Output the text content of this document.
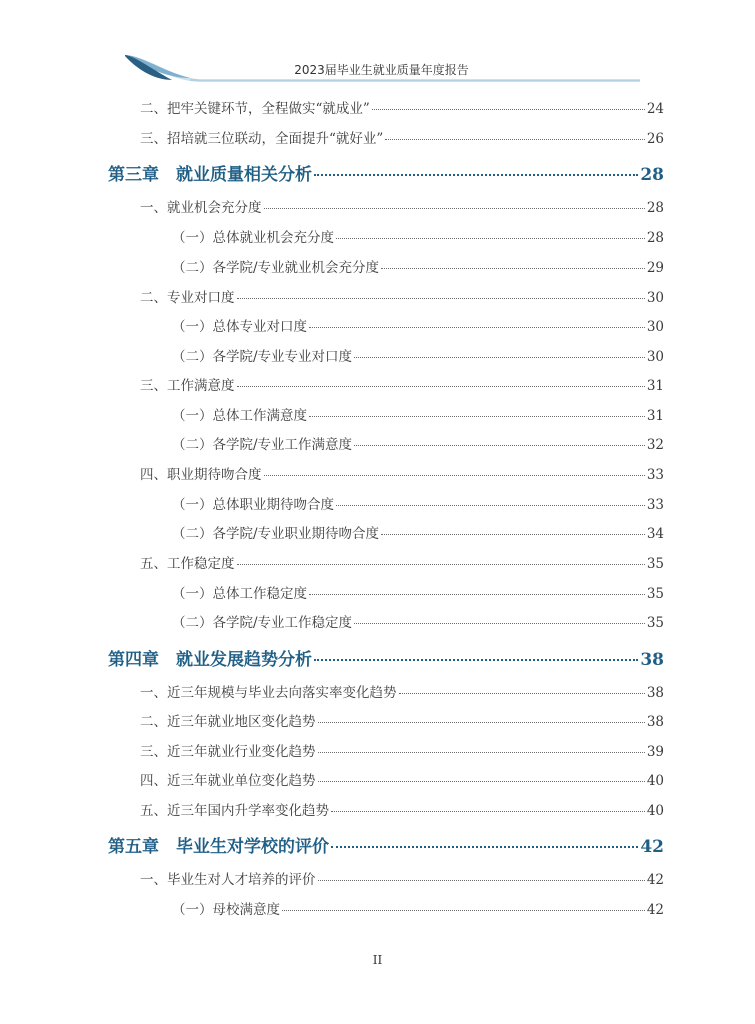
2023届毕业生就业质量年度报告
二、把牢关键环节，全程做实“就成业”	24
三、招培就三位联动，全面提升“就好业”	26
第三章　就业质量相关分析	28
一、就业机会充分度	28
（一）总体就业机会充分度	28
（二）各学院/专业就业机会充分度	29
二、专业对口度	30
（一）总体专业对口度	30
（二）各学院/专业专业对口度	30
三、工作满意度	31
（一）总体工作满意度	31
（二）各学院/专业工作满意度	32
四、职业期待吻合度	33
（一）总体职业期待吻合度	33
（二）各学院/专业职业期待吻合度	34
五、工作稳定度	35
（一）总体工作稳定度	35
（二）各学院/专业工作稳定度	35
第四章　就业发展趋势分析	38
一、近三年规模与毕业去向落实率变化趋势	38
二、近三年就业地区变化趋势	38
三、近三年就业行业变化趋势	39
四、近三年就业单位变化趋势	40
五、近三年国内升学率变化趋势	40
第五章　毕业生对学校的评价	42
一、毕业生对人才培养的评价	42
（一）母校满意度	42
II
